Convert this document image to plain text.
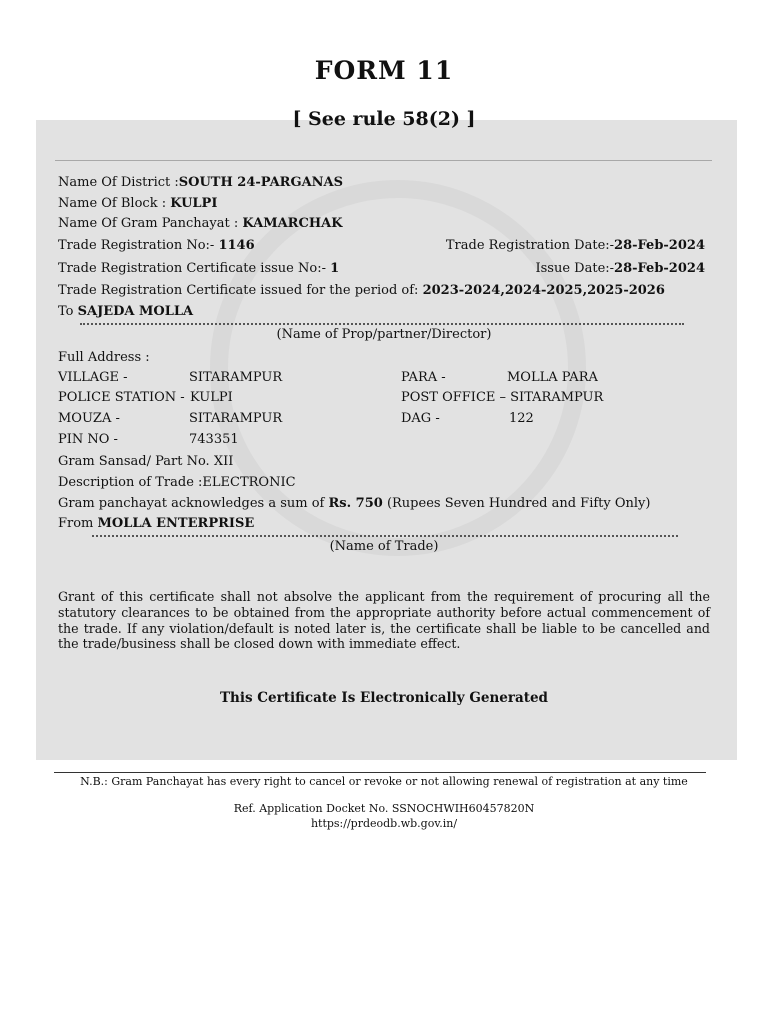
FORM 11
[ See rule 58(2) ]
Name Of District :SOUTH 24-PARGANAS
Name Of Block : KULPI
Name Of Gram Panchayat : KAMARCHAK
Trade Registration No:- 1146	Trade Registration Date:-28-Feb-2024
Trade Registration Certificate issue No:- 1	Issue Date:-28-Feb-2024
Trade Registration Certificate issued for the period of: 2023-2024,2024-2025,2025-2026
To SAJEDA MOLLA
(Name of Prop/partner/Director)
Full Address :
VILLAGE -	SITARAMPUR	PARA -	MOLLA PARA
POLICE STATION - KULPI	POST OFFICE – SITARAMPUR
MOUZA -	SITARAMPUR	DAG -	122
PIN NO -	743351
Gram Sansad/ Part No. XII
Description of Trade :ELECTRONIC
Gram panchayat acknowledges a sum of Rs. 750 (Rupees Seven Hundred and Fifty Only)
From MOLLA ENTERPRISE
(Name of Trade)
Grant of this certificate shall not absolve the applicant from the requirement of procuring all the statutory clearances to be obtained from the appropriate authority before actual commencement of the trade. If any violation/default is noted later is, the certificate shall be liable to be cancelled and the trade/business shall be closed down with immediate effect.
This Certificate Is Electronically Generated
N.B.: Gram Panchayat has every right to cancel or revoke or not allowing renewal of registration at any time
Ref. Application Docket No. SSNOCHWIH60457820N
https://prdeodb.wb.gov.in/
